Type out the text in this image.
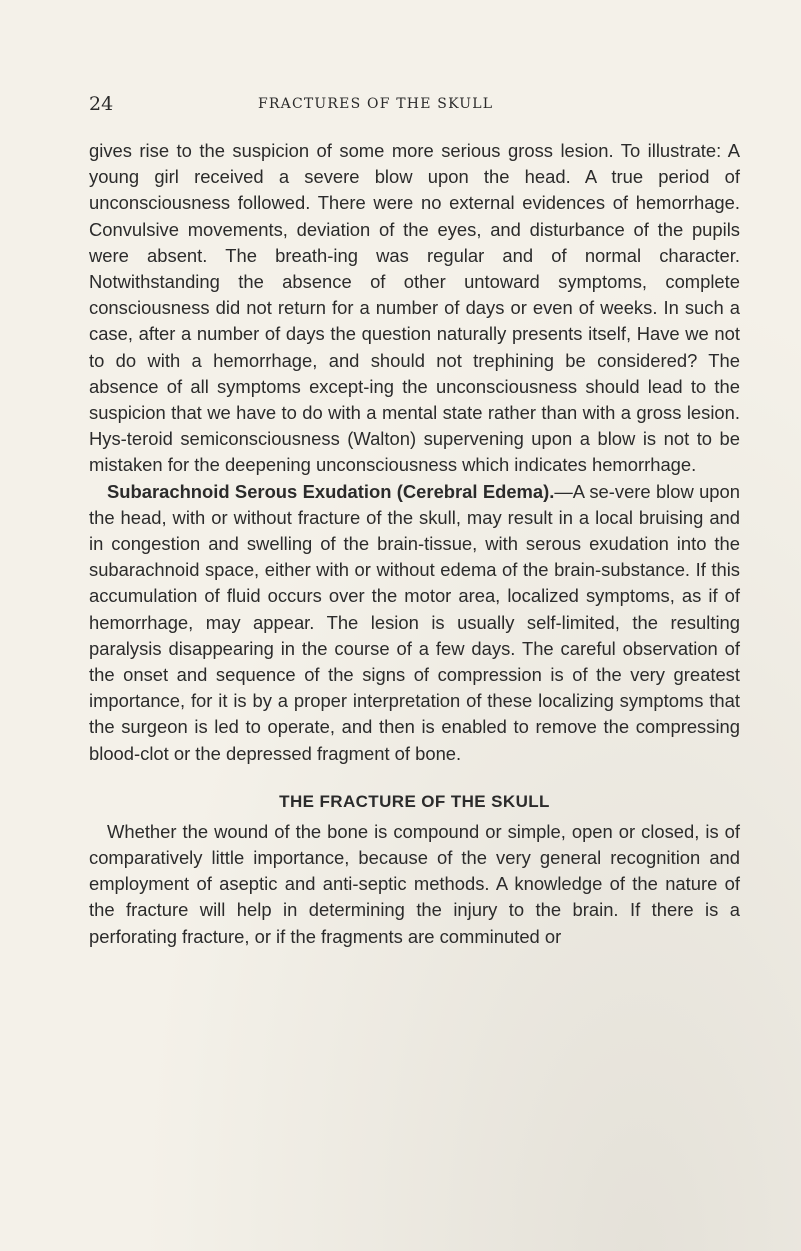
24	FRACTURES OF THE SKULL

gives rise to the suspicion of some more serious gross lesion. To illustrate: A young girl received a severe blow upon the head. A true period of unconsciousness followed. There were no external evidences of hemorrhage. Convulsive movements, deviation of the eyes, and disturbance of the pupils were absent. The breath-ing was regular and of normal character. Notwithstanding the absence of other untoward symptoms, complete consciousness did not return for a number of days or even of weeks. In such a case, after a number of days the question naturally presents itself, Have we not to do with a hemorrhage, and should not trephining be considered? The absence of all symptoms except-ing the unconsciousness should lead to the suspicion that we have to do with a mental state rather than with a gross lesion. Hys-teroid semiconsciousness (Walton) supervening upon a blow is not to be mistaken for the deepening unconsciousness which indicates hemorrhage.

Subarachnoid Serous Exudation (Cerebral Edema).—A se-vere blow upon the head, with or without fracture of the skull, may result in a local bruising and in congestion and swelling of the brain-tissue, with serous exudation into the subarachnoid space, either with or without edema of the brain-substance. If this accumulation of fluid occurs over the motor area, localized symptoms, as if of hemorrhage, may appear. The lesion is usually self-limited, the resulting paralysis disappearing in the course of a few days. The careful observation of the onset and sequence of the signs of compression is of the very greatest importance, for it is by a proper interpretation of these localizing symptoms that the surgeon is led to operate, and then is enabled to remove the compressing blood-clot or the depressed fragment of bone.

THE FRACTURE OF THE SKULL

Whether the wound of the bone is compound or simple, open or closed, is of comparatively little importance, because of the very general recognition and employment of aseptic and anti-septic methods. A knowledge of the nature of the fracture will help in determining the injury to the brain. If there is a perforating fracture, or if the fragments are comminuted or
